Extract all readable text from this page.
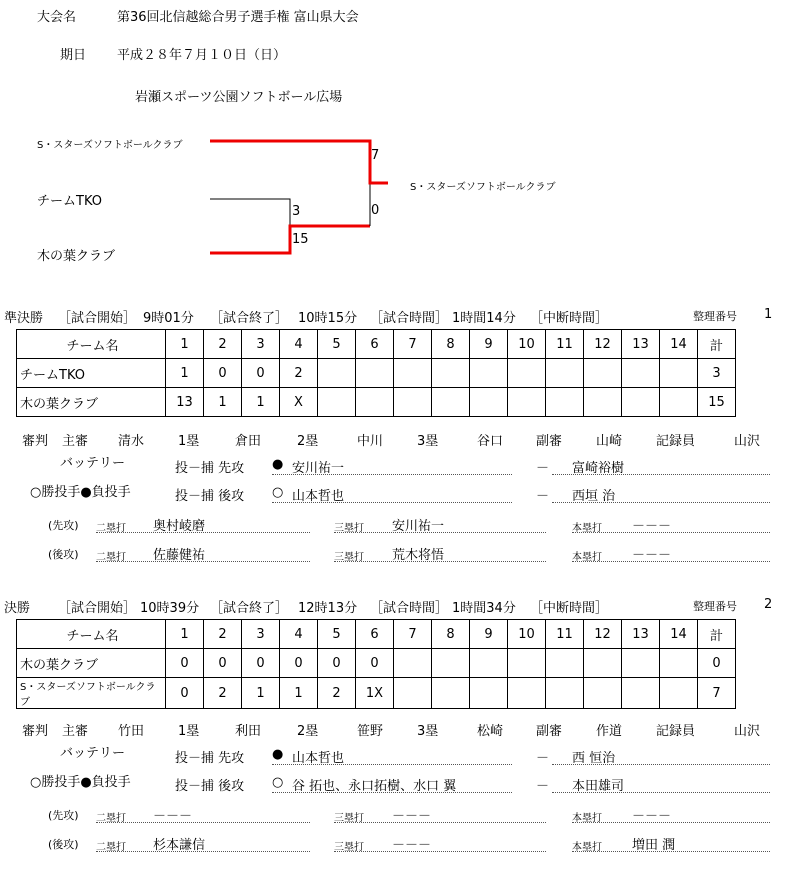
大会名	第36回北信越総合男子選手権 富山県大会
期日 平成２８年７月１０日（日）
岩瀬スポーツ公園ソフトボール広場
S・スターズソフトボールクラブ
チームTKO
木の葉クラブ
S・スターズソフトボールクラブ
7
0
3
15
準決勝 ［試合開始］ 9時01分 ［試合終了］ 10時15分 ［試合時間］ 1時間14分 ［中断時間］	整理番号 1
チーム名	1	2	3	4	5	6	7	8	9	10	11	12	13	14	計
チームTKO	1	0	0	2											3
木の葉クラブ	13	1	1	X											15
審判 主審 清水	1塁	倉田	2塁	中川	3塁	谷口	副審	山崎	記録員	山沢
バッテリー
○勝投手●負投手
投－捕 先攻 ● 安川祐一	－ 富崎裕樹
投－捕 後攻 ○ 山本哲也	－ 西垣 治
(先攻) 二塁打 奥村崚磨	三塁打 安川祐一	本塁打 －－－
(後攻) 二塁打 佐藤健祐	三塁打 荒木将悟	本塁打 －－－
決勝 ［試合開始］ 10時39分 ［試合終了］ 12時13分 ［試合時間］ 1時間34分 ［中断時間］	整理番号 2
チーム名	1	2	3	4	5	6	7	8	9	10	11	12	13	14	計
木の葉クラブ	0	0	0	0	0	0									0
S・スターズソフトボールクラブ	0	2	1	1	2	1X									7
審判 主審 竹田	1塁	利田	2塁	笹野	3塁	松崎	副審	作道	記録員	山沢
バッテリー
○勝投手●負投手
投－捕 先攻 ● 山本哲也	－ 西 恒治
投－捕 後攻 ○ 谷 拓也、永口拓樹、水口 翼	－ 本田雄司
(先攻) 二塁打 －－－	三塁打 －－－	本塁打 －－－
(後攻) 二塁打 杉本謙信	三塁打 －－－	本塁打 増田 潤
